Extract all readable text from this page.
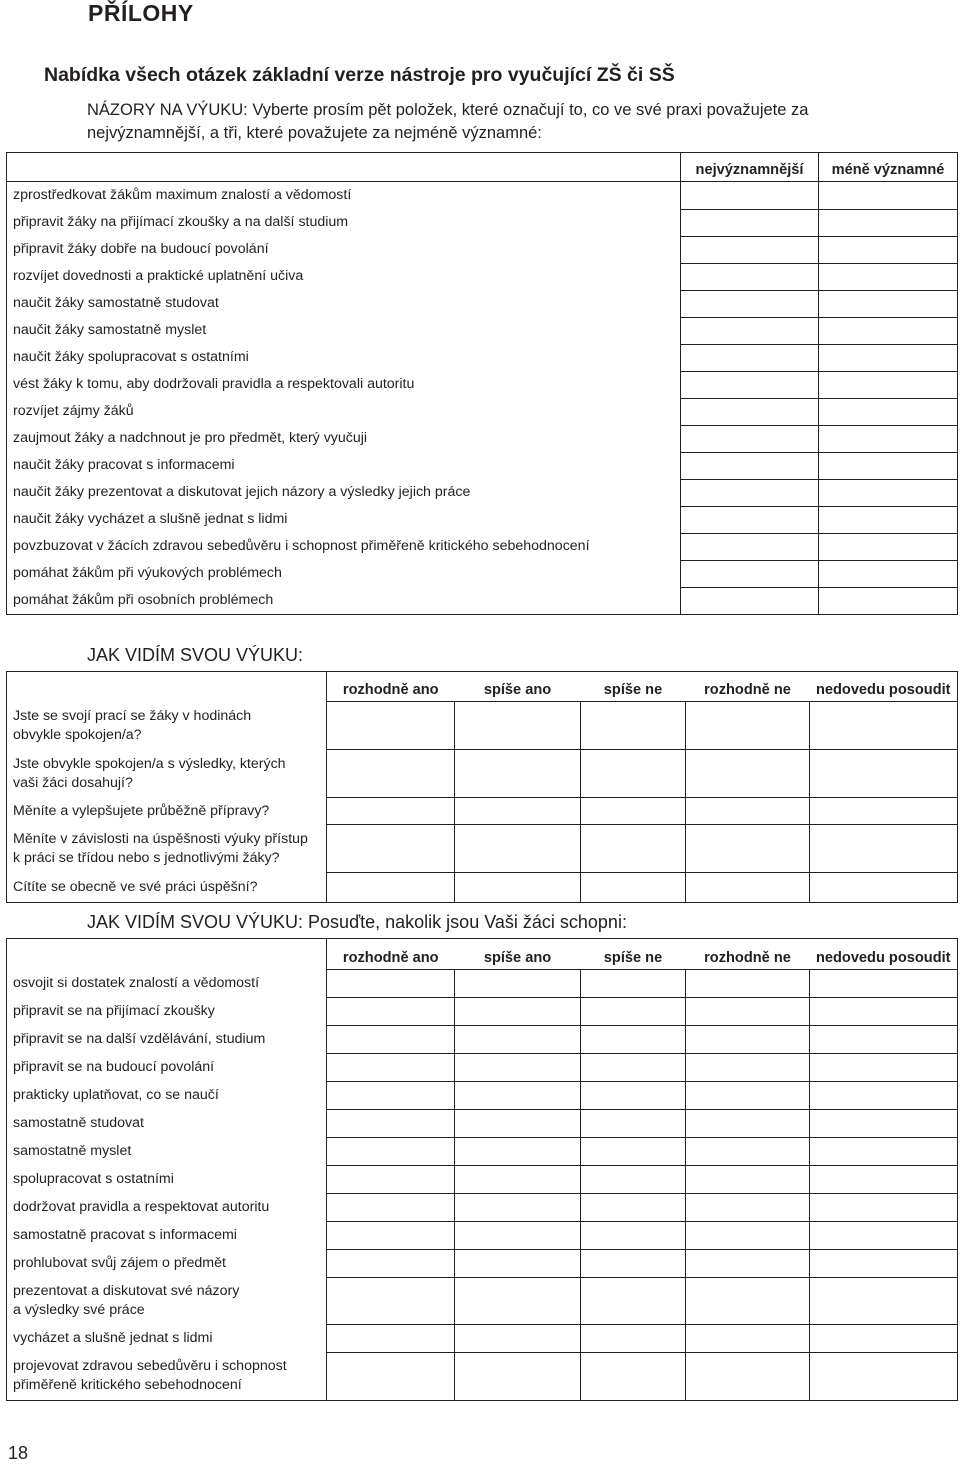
PŘÍLOHY
Nabídka všech otázek základní verze nástroje pro vyučující ZŠ či SŠ
NÁZORY NA VÝUKU: Vyberte prosím pět položek, které označují to, co ve své praxi považujete za
nejvýznamnější, a tři, které považujete za nejméně významné:
	nejvýznamnější	méně významné
zprostředkovat žákům maximum znalostí a vědomostí		
připravit žáky na přijímací zkoušky a na další studium		
připravit žáky dobře na budoucí povolání		
rozvíjet dovednosti a praktické uplatnění učiva		
naučit žáky samostatně studovat		
naučit žáky samostatně myslet		
naučit žáky spolupracovat s ostatními		
vést žáky k tomu, aby dodržovali pravidla a respektovali autoritu		
rozvíjet zájmy žáků		
zaujmout žáky a nadchnout je pro předmět, který vyučuji		
naučit žáky pracovat s informacemi		
naučit žáky prezentovat a diskutovat jejich názory a výsledky jejich práce		
naučit žáky vycházet a slušně jednat s lidmi		
povzbuzovat v žácích zdravou sebedůvěru i schopnost přiměřeně kritického sebehodnocení		
pomáhat žákům při výukových problémech		
pomáhat žákům při osobních problémech		
JAK VIDÍM SVOU VÝUKU:
	rozhodně ano	spíše ano	spíše ne	rozhodně ne	nedovedu posoudit

Jste se svojí prací se žáky v hodinách
obvykle spokojen/a?					

Jste obvykle spokojen/a s výsledky, kterých
vaši žáci dosahují?					

Měníte a vylepšujete průběžně přípravy?					

Měníte v závislosti na úspěšnosti výuky přístup
k práci se třídou nebo s jednotlivými žáky?					

Cítíte se obecně ve své práci úspěšní?					

JAK VIDÍM SVOU VÝUKU: Posuďte, nakolik jsou Vaši žáci schopni:
	rozhodně ano	spíše ano	spíše ne	rozhodně ne	nedovedu posoudit

osvojit si dostatek znalostí a vědomostí					

připravit se na přijímací zkoušky					

připravit se na další vzdělávání, studium					

připravit se na budoucí povolání					

prakticky uplatňovat, co se naučí					

samostatně studovat					

samostatně myslet					

spolupracovat s ostatními					

dodržovat pravidla a respektovat autoritu					

samostatně pracovat s informacemi					

prohlubovat svůj zájem o předmět					

prezentovat a diskutovat své názory
a výsledky své práce					

vycházet a slušně jednat s lidmi					

projevovat zdravou sebedůvěru i schopnost
přiměřeně kritického sebehodnocení					

18
